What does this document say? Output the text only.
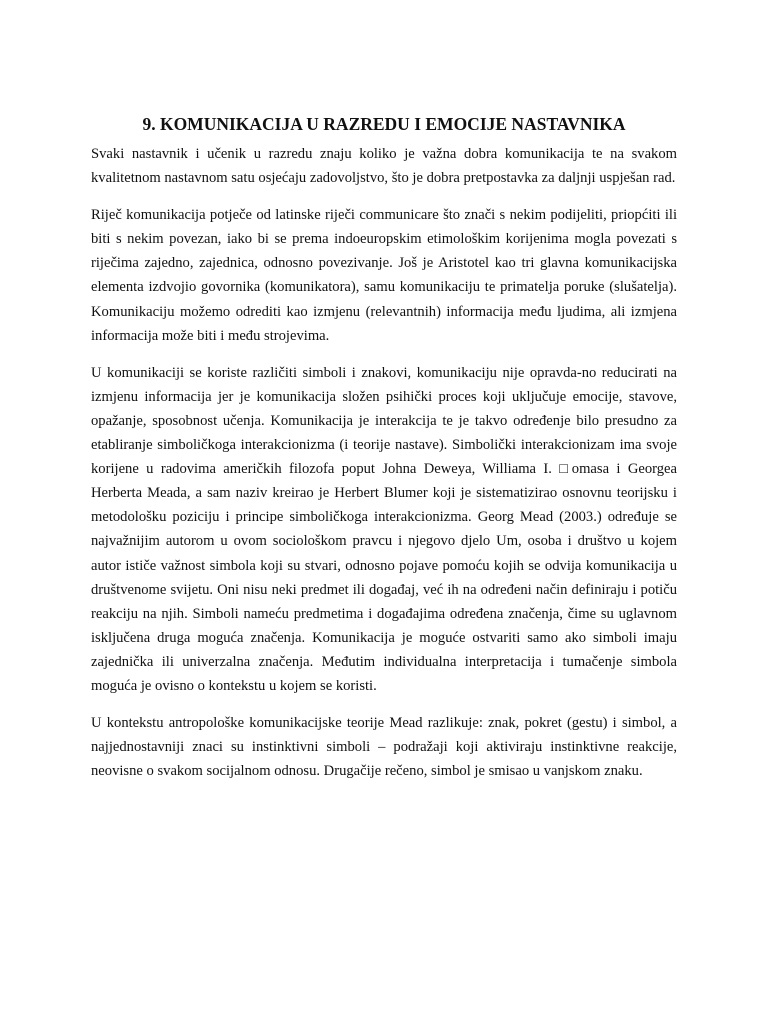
9. KOMUNIKACIJA U RAZREDU I EMOCIJE NASTAVNIKA

Svaki nastavnik i učenik u razredu znaju koliko je važna dobra komunikacija te na svakom kvalitetnom nastavnom satu osjećaju zadovoljstvo, što je dobra pretpostavka za daljnji uspješan rad.

Riječ komunikacija potječe od latinske riječi communicare što znači s nekim podijeliti, priopćiti ili biti s nekim povezan, iako bi se prema indoeuropskim etimološkim korijenima mogla povezati s riječima zajedno, zajednica, odnosno povezivanje. Još je Aristotel kao tri glavna komunikacijska elementa izdvojio govornika (komunikatora), samu komunikaciju te primatelja poruke (slušatelja). Komunikaciju možemo odrediti kao izmjenu (relevantnih) informacija među ljudima, ali izmjena informacija može biti i među strojevima.

U komunikaciji se koriste različiti simboli i znakovi, komunikaciju nije opravda-no reducirati na izmjenu informacija jer je komunikacija složen psihički proces koji uključuje emocije, stavove, opažanje, sposobnost učenja. Komunikacija je interakcija te je takvo određenje bilo presudno za etabliranje simboličkoga interakcionizma (i teorije nastave). Simbolički interakcionizam ima svoje korijene u radovima američkih filozofa poput Johna Deweya, Williama I. □omasa i Georgea Herberta Meada, a sam naziv kreirao je Herbert Blumer koji je sistematizirao osnovnu teorijsku i metodološku poziciju i principe simboličkoga interakcionizma. Georg Mead (2003.) određuje se najvažnijim autorom u ovom sociološkom pravcu i njegovo djelo Um, osoba i društvo u kojem autor ističe važnost simbola koji su stvari, odnosno pojave pomoću kojih se odvija komunikacija u društvenome svijetu. Oni nisu neki predmet ili događaj, već ih na određeni način definiraju i potiču reakciju na njih. Simboli nameću predmetima i događajima određena značenja, čime su uglavnom isključena druga moguća značenja. Komunikacija je moguće ostvariti samo ako simboli imaju zajednička ili univerzalna značenja. Međutim individualna interpretacija i tumačenje simbola moguća je ovisno o kontekstu u kojem se koristi.

U kontekstu antropološke komunikacijske teorije Mead razlikuje: znak, pokret (gestu) i simbol, a najjednostavniji znaci su instinktivni simboli – podražaji koji aktiviraju instinktivne reakcije, neovisne o svakom socijalnom odnosu. Drugačije rečeno, simbol je smisao u vanjskom znaku.
